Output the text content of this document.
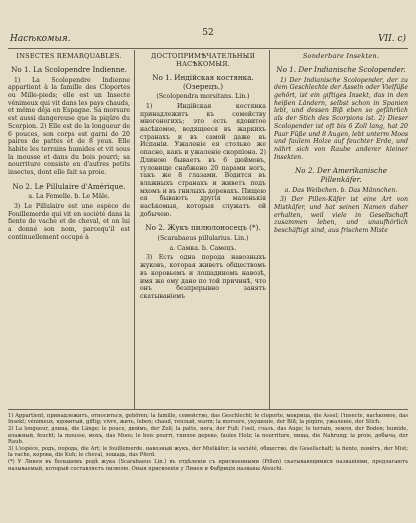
Насѣкомыя.
52
VII. c)
INSECTES REMARQUABLES.
No 1. La Scolopendre Indienne.

1) La Scolopendre Indienne appartient à la famille des Cloportes ou Mille-pieds; elle est un Insecte vénimeux qui vit dans les pays chauds, et même déja en Espagne. Sa morsure est aussi dangereuse que la piqûre du Scorpion. 2) Elle est de la longueur de 6 pouces, son corps est garni de 20 paires de pattes et de 8 yeux. Elle habite les terrains humides et vit sous la mousse et dans du bois pourri; sa nourriture consiste en d'autres petits insectes, dont elle fait sa proie.

No 2. Le Pillulaire d'Amérique.
a. La Femelle. b. Le Mâle.

3) Le Pillulaire est une espèce de Fouillemerde qui vit en société dans la fiente de vache et de cheval, et on lui a donné son nom, parcequ'il est continuellement occupé à

ДОСТОПРИМѢЧАТЕЛЬНЫЯ НАСѢКОМЫЯ.
No 1. Индійская костянка. (Озерецъ.)
(Scolopendra morsitans. Lin.)

1) Индійская костянка принадлежитъ къ семейству многоногихъ; это есть ядовитое насѣкомое, водящееся въ жаркихъ странахъ и въ самой даже въ Испаніи. Ужаленіе ея столько же опасно, какъ и ужаленіе скорпіона. 2) Длиною бываетъ въ 6 дюймовъ, туловище снабжено 20 парами ногъ, такъ же 8 глазами. Водится въ влажныхъ странахъ и живетъ подъ мхомъ и въ гнилыхъ деревахъ. Пищею ея бываютъ другія маленькія насѣкомыя, которыя служатъ ей добычею.

No 2. Жукъ пилюлоносецъ (*).
(Scarabaeus pillularius. Lin.)
a. Самка. b. Самецъ.

3) Есть одна порода навозныхъ жуковъ, которая живетъ обществомъ въ коровьемъ и лошадиномъ навозѣ, имя же ему дано по той причинѣ, что онъ безпрерывно занятъ скатываніемъ

Sonderbare Insekten.
No 1. Der Indianische Scolopender.

1) Der Indianische Scolopender, der zu dem Geschlechte der Asseln oder Vielfüße gehört, ist ein giftiges Insekt, das in den heißen Ländern, selbst schon in Spanien lebt, und dessen Biß eben so gefährlich als der Stich des Scorpions ist. 2) Dieser Scolopender ist oft bis 6 Zoll lang, hat 20 Paar Füße und 8 Augen, lebt unterm Moos und faulem Holze auf feuchter Erde, und nährt sich von Raube anderer kleiner Insekten.

No 2. Der Amerikanische Pillenkäfer.
a. Das Weibchen. b. Das Männchen.

3) Der Pillen-Käfer ist eine Art von Mistkäfer, und hat seinen Namen daher erhalten, weil viele in Gesellschaft zusammen leben, und unaufhörlich beschäftigt sind, aus frischem Miste

1) Appartient, принадлежитъ, относиться, gehören; la famille, семейство, das Geschlecht; le cloporte, мокрица, die Assel; l'insecte, насѣкомое, das Insekt; vénimeux, ядовитый, giftig; vivre, жить, leben; chaud, теплый, warm; la morsure, укушеніе, der Biß; la piqûre, ужаленіе, der Stich.

2) La longueur, длина, die Länge; le pouce, дюймъ, der Zoll; la patte, нога, der Fuß; l'oeil, глазъ, das Auge; le terrain, земля, der Boden; humide, влажный, feucht; la mousse, мохъ, das Moos; le bois pourri, гнилое дерево, faules Holz; la nourriture, пища, die Nahrung; la proie, добыча, der Raub.

3) L'espèce, родъ, порода, die Art; le fouillemerde, навозный жукъ, der Mistkäfer; la société, общество, die Gesellschaft; la fiente, помётъ, der Mist; la vache, корова, die Kuh; le cheval, лошадь, das Pferd.

(*) У Линея въ большомъ родѣ жука (Scarabaeus Lin.) въ отдѣленіи съ присвоенными (Pillen) скатывающимися названіями, предлагаютъ называемый, который составляетъ пилюлю. Оныя присвоенія у Линея и Фабриція названы Ateuchi.
